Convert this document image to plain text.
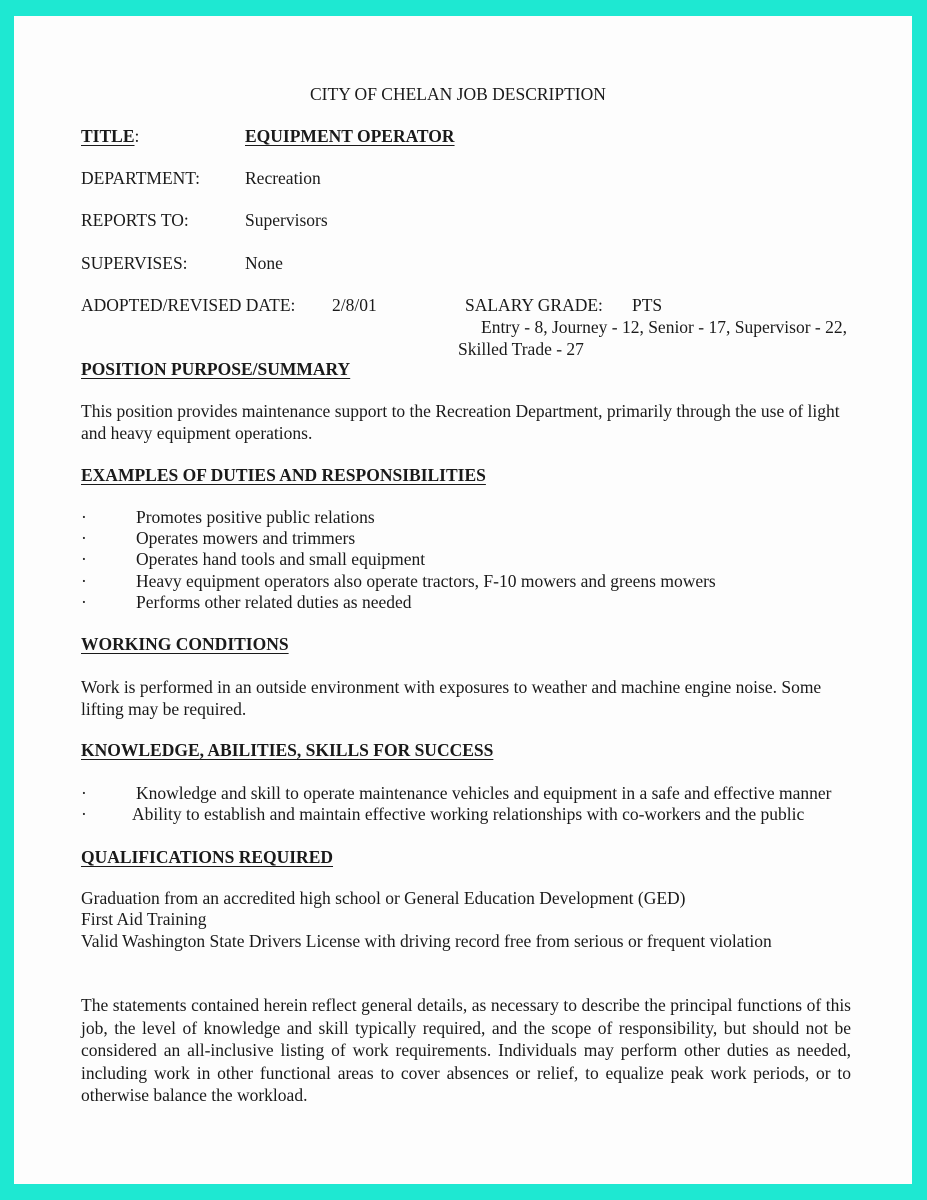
CITY OF CHELAN JOB DESCRIPTION
TITLE:	EQUIPMENT OPERATOR
DEPARTMENT:	Recreation
REPORTS TO:	Supervisors
SUPERVISES:	None
ADOPTED/REVISED DATE: 2/8/01	SALARY GRADE: PTS
Entry - 8, Journey - 12, Senior - 17, Supervisor - 22,
Skilled Trade - 27
POSITION PURPOSE/SUMMARY
This position provides maintenance support to the Recreation Department, primarily through the use of light and heavy equipment operations.
EXAMPLES OF DUTIES AND RESPONSIBILITIES
·	Promotes positive public relations
·	Operates mowers and trimmers
·	Operates hand tools and small equipment
·	Heavy equipment operators also operate tractors, F-10 mowers and greens mowers
·	Performs other related duties as needed
WORKING CONDITIONS
Work is performed in an outside environment with exposures to weather and machine engine noise. Some lifting may be required.
KNOWLEDGE, ABILITIES, SKILLS FOR SUCCESS
·	Knowledge and skill to operate maintenance vehicles and equipment in a safe and effective manner
·	Ability to establish and maintain effective working relationships with co-workers and the public
QUALIFICATIONS REQUIRED
Graduation from an accredited high school or General Education Development (GED)
First Aid Training
Valid Washington State Drivers License with driving record free from serious or frequent violation
The statements contained herein reflect general details, as necessary to describe the principal functions of this job, the level of knowledge and skill typically required, and the scope of responsibility, but should not be considered an all-inclusive listing of work requirements. Individuals may perform other duties as needed, including work in other functional areas to cover absences or relief, to equalize peak work periods, or to otherwise balance the workload.
